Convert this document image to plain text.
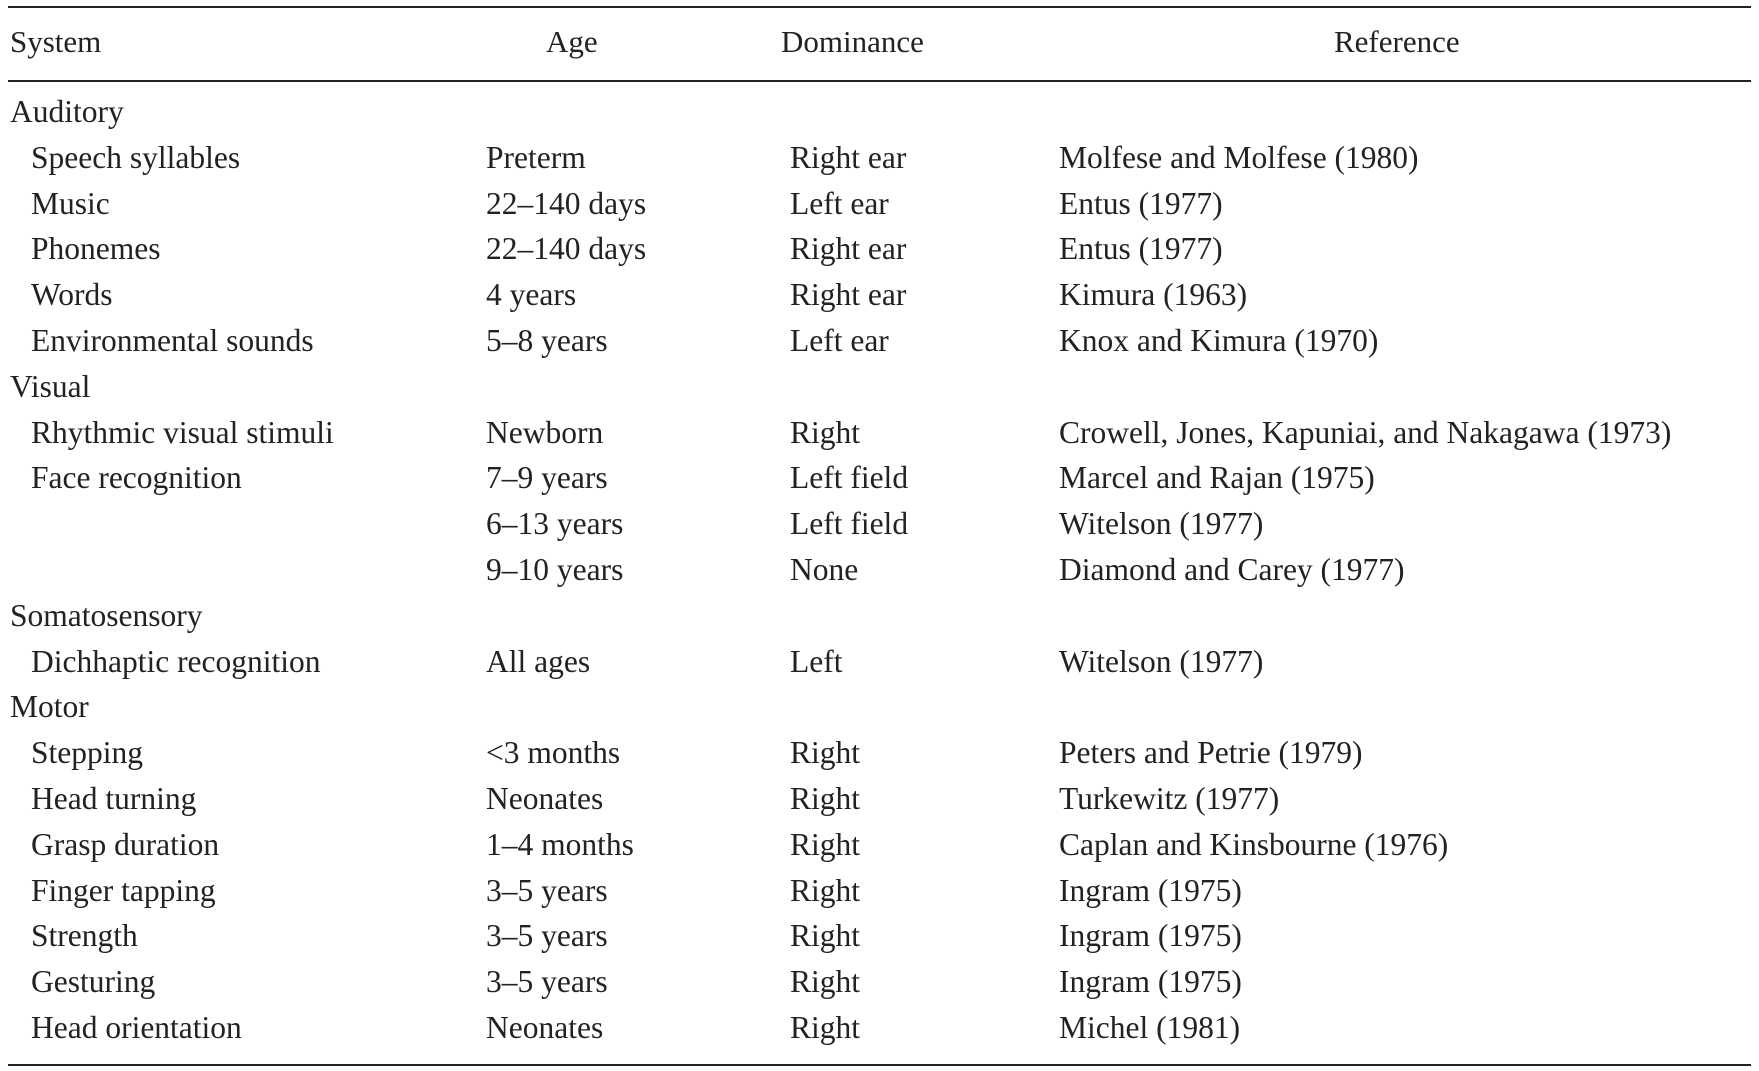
System	Age	Dominance	Reference
Auditory
Speech syllables	Preterm	Right ear	Molfese and Molfese (1980)
Music	22–140 days	Left ear	Entus (1977)
Phonemes	22–140 days	Right ear	Entus (1977)
Words	4 years	Right ear	Kimura (1963)
Environmental sounds	5–8 years	Left ear	Knox and Kimura (1970)
Visual
Rhythmic visual stimuli	Newborn	Right	Crowell, Jones, Kapuniai, and Nakagawa (1973)
Face recognition	7–9 years	Left field	Marcel and Rajan (1975)
6–13 years	Left field	Witelson (1977)
9–10 years	None	Diamond and Carey (1977)
Somatosensory
Dichhaptic recognition	All ages	Left	Witelson (1977)
Motor
Stepping	<3 months	Right	Peters and Petrie (1979)
Head turning	Neonates	Right	Turkewitz (1977)
Grasp duration	1–4 months	Right	Caplan and Kinsbourne (1976)
Finger tapping	3–5 years	Right	Ingram (1975)
Strength	3–5 years	Right	Ingram (1975)
Gesturing	3–5 years	Right	Ingram (1975)
Head orientation	Neonates	Right	Michel (1981)
